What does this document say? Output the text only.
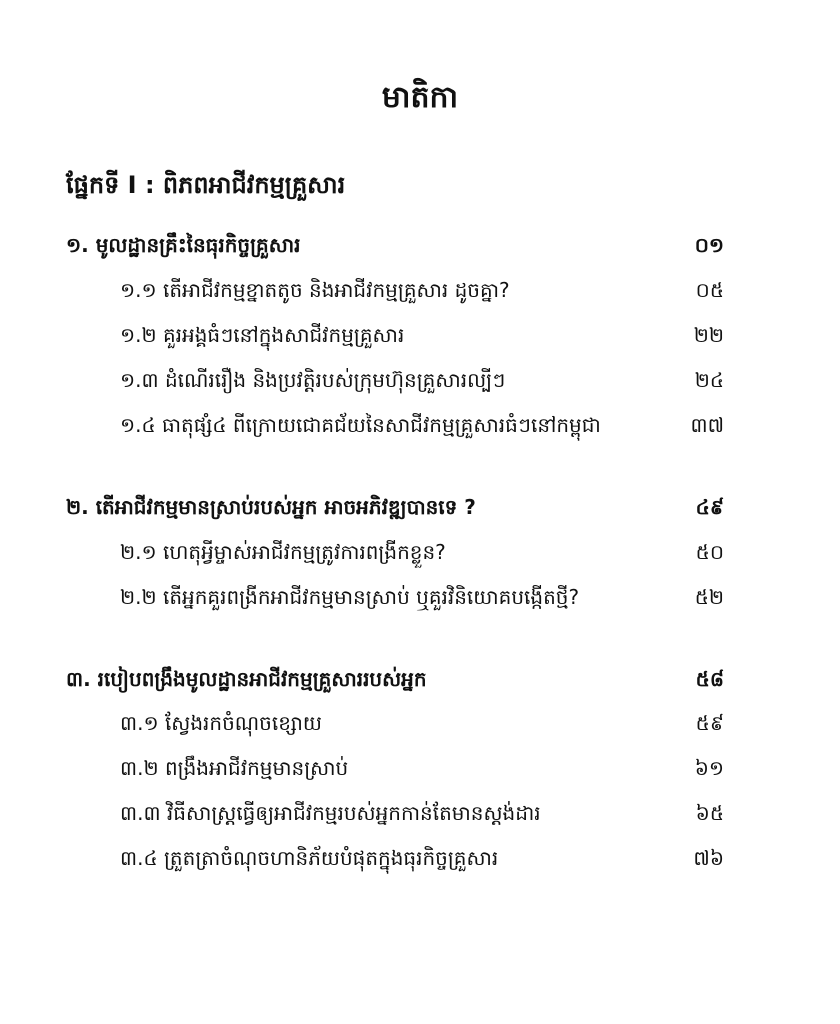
មាតិកា
ផ្នែកទី I : ពិភពអាជីវកម្មគ្រួសារ
១. មូលដ្ឋានគ្រឹះនៃធុរកិច្ចគ្រួសារ	០១
១.១ តើអាជីវកម្មខ្នាតតូច និងអាជីវកម្មគ្រួសារ ដូចគ្នា?	០៥
១.២ គួរអង្គធំៗនៅក្នុងសាជីវកម្មគ្រួសារ	២២
១.៣ ដំណើររឿង និងប្រវត្តិរបស់ក្រុមហ៊ុនគ្រួសារល្បីៗ	២៤
១.៤ ធាតុផ្សំ៤ ពីក្រោយជោគជ័យនៃសាជីវកម្មគ្រួសារធំៗនៅកម្ពុជា	៣៧
២. តើអាជីវកម្មមានស្រាប់របស់អ្នក អាចអភិវឌ្ឍបានទេ ?	៤៩
២.១ ហេតុអ្វីម្ចាស់អាជីវកម្មត្រូវការពង្រីកខ្លួន?	៥០
២.២ តើអ្នកគួរពង្រីកអាជីវកម្មមានស្រាប់ ឬគួរវិនិយោគបង្កើតថ្មី?	៥២
៣. របៀបពង្រឹងមូលដ្ឋានអាជីវកម្មគ្រួសាររបស់អ្នក	៥៨
៣.១ ស្វែងរកចំណុចខ្សោយ	៥៩
៣.២ ពង្រឹងអាជីវកម្មមានស្រាប់	៦១
៣.៣ វិធីសាស្ត្រធ្វើឲ្យអាជីវកម្មរបស់អ្នកកាន់តែមានស្តង់ដារ	៦៥
៣.៤ ត្រួតត្រាចំណុចហានិភ័យបំផុតក្នុងធុរកិច្ចគ្រួសារ	៧៦
